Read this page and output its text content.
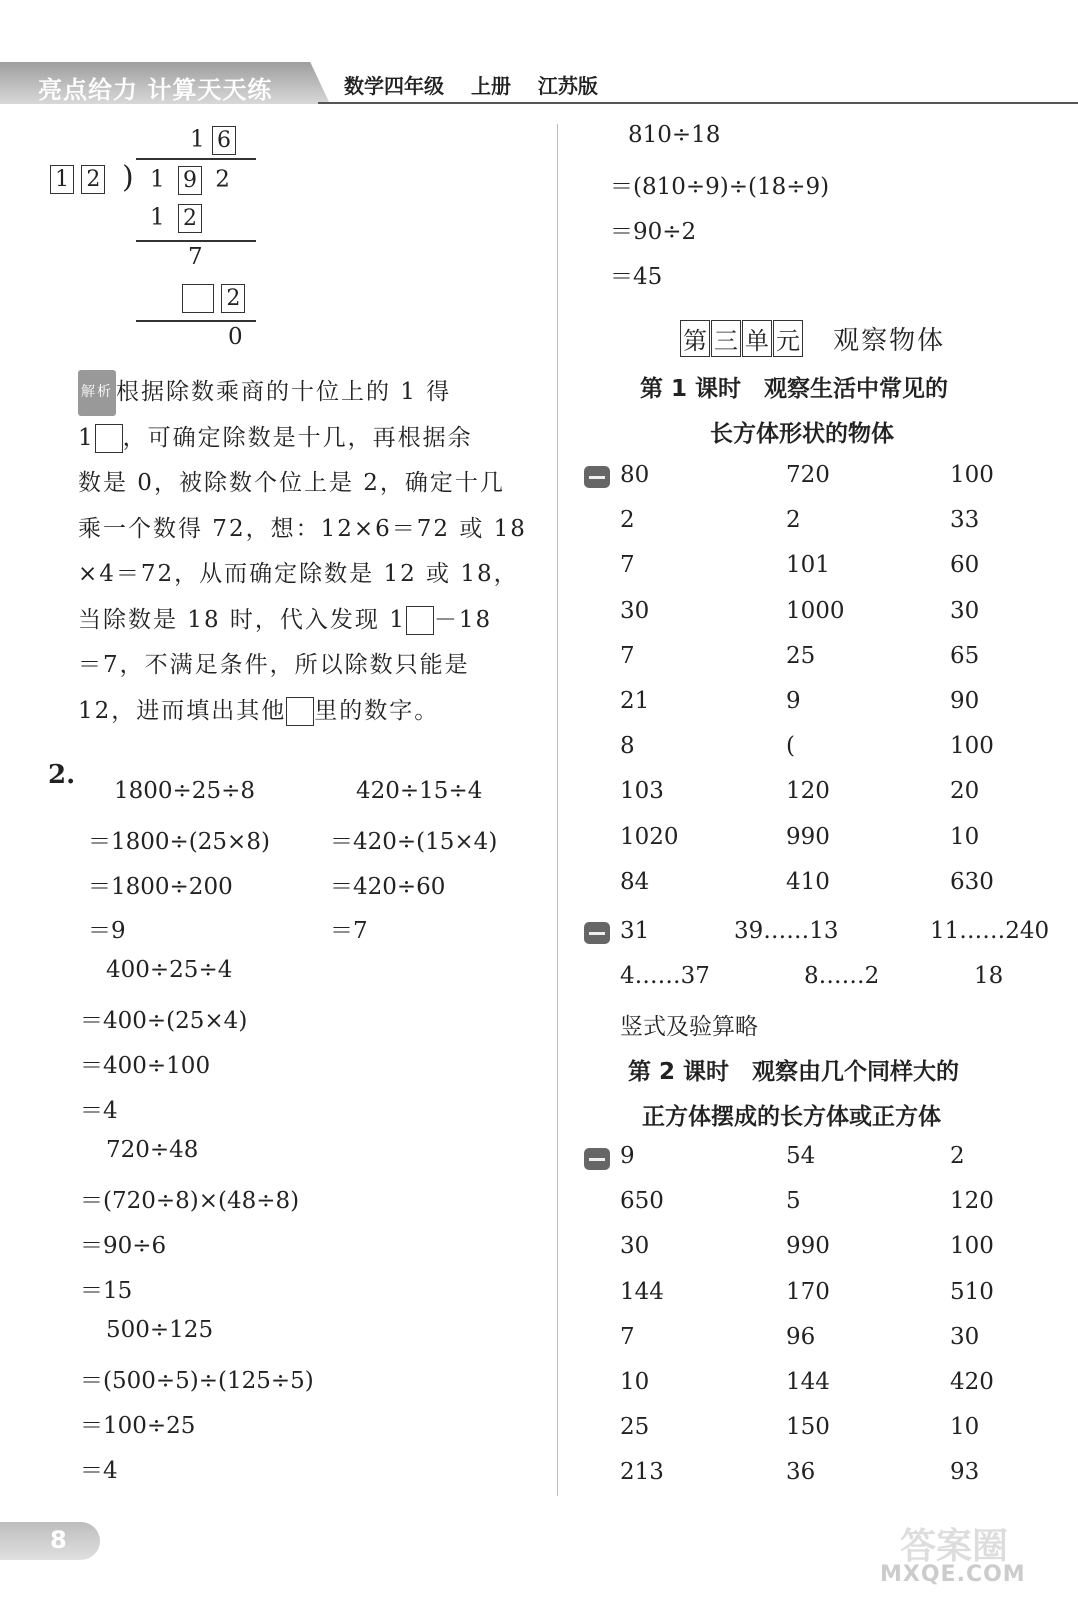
亮点给力 计算天天练	数学四年级 上册 江苏版
1 6
1 2 ) 1 9 2
1 2
7
2
0
解析 根据除数乘商的十位上的 1 得
1 ，可确定除数是十几，再根据余
数是 0，被除数个位上是 2，确定十几
乘一个数得 72，想：12×6＝72 或 18
×4＝72，从而确定除数是 12 或 18，
当除数是 18 时，代入发现 1 －18
＝7，不满足条件，所以除数只能是
12，进而填出其他 里的数字。
2.
1800÷25÷8
＝1800÷(25×8)
＝1800÷200
＝9
420÷15÷4
＝420÷(15×4)
＝420÷60
＝7
400÷25÷4
＝400÷(25×4)
＝400÷100
＝4
720÷48
＝(720÷8)×(48÷8)
＝90÷6
＝15
500÷125
＝(500÷5)÷(125÷5)
＝100÷25
＝4
810÷18
＝(810÷9)÷(18÷9)
＝90÷2
＝45
第 三 单 元 观察物体
第 1 课时　观察生活中常见的
长方体形状的物体
80	720	100
2	2	33
7	101	60
30	1000	30
7	25	65
21	9	90
8	(	100
103	120	20
1020	990	10
84	410	630
31	39……13	11……240
4……37	8……2	18
竖式及验算略
第 2 课时　观察由几个同样大的
正方体摆成的长方体或正方体
9	54	2
650	5	120
30	990	100
144	170	510
7	96	30
10	144	420
25	150	10
213	36	93
8	答案圈
MXQE.COM
